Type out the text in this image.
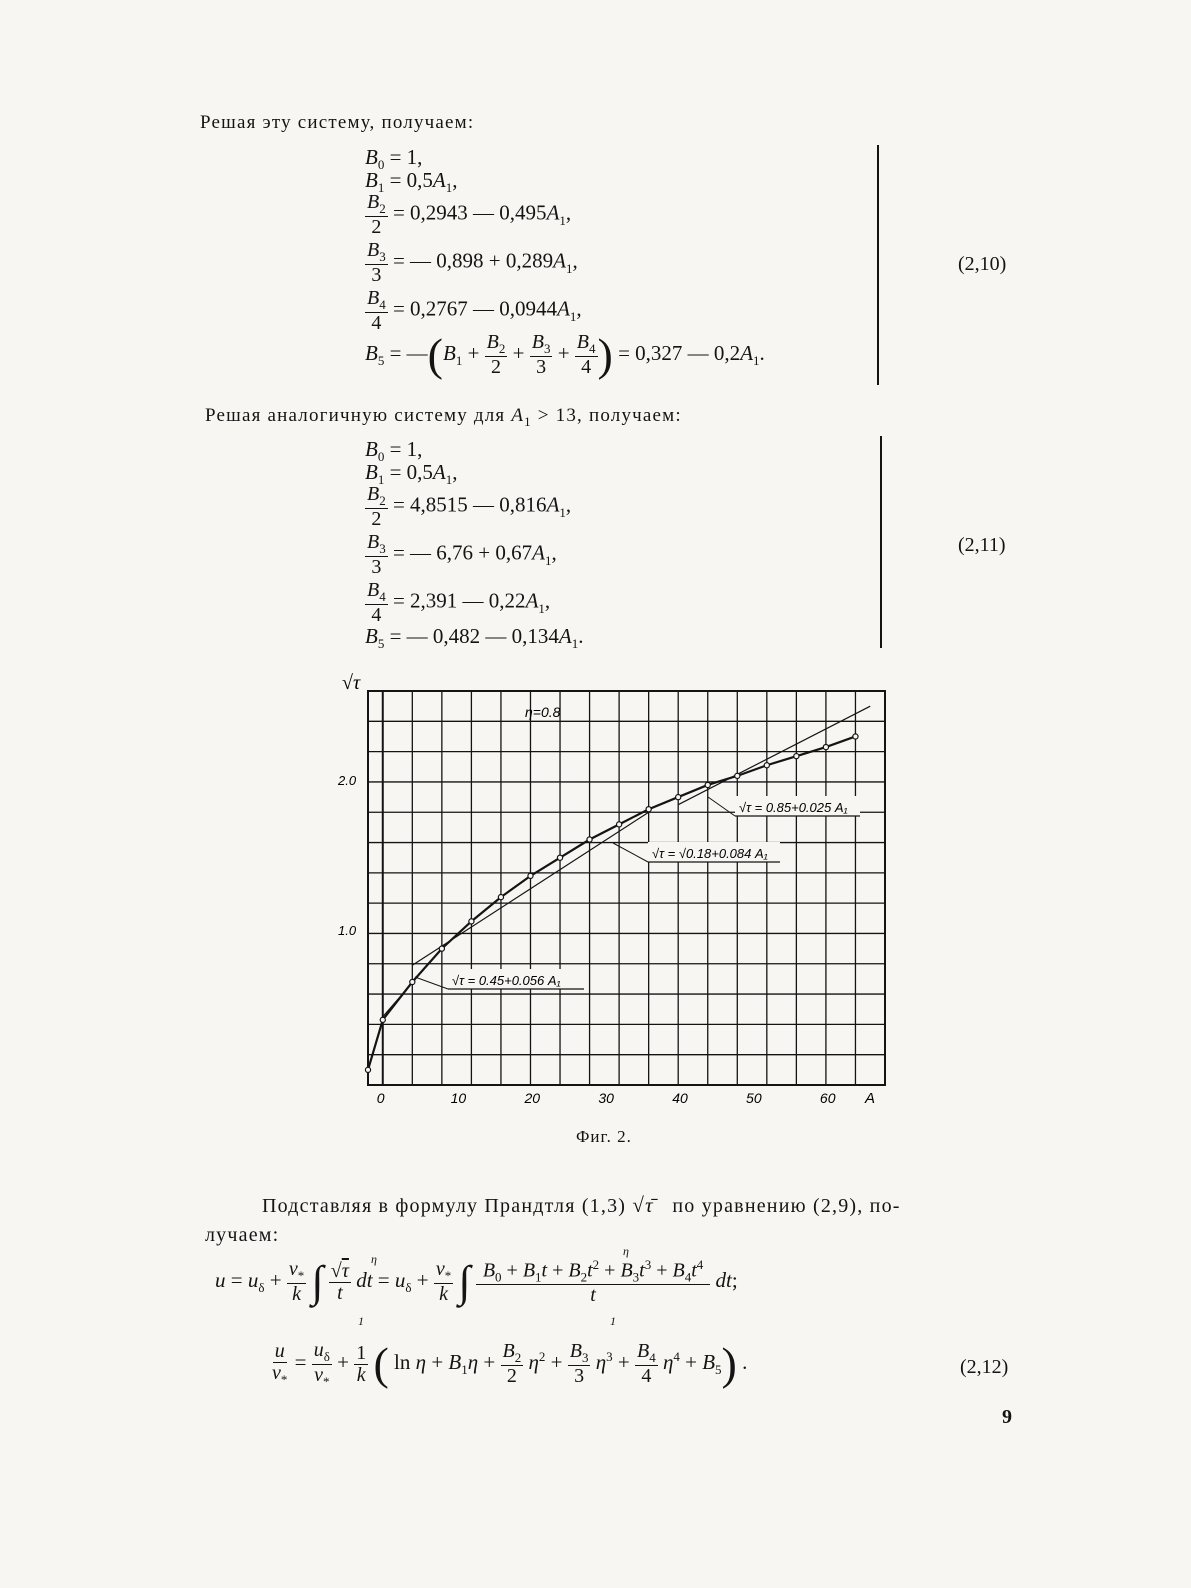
Решая эту систему, получаем:
$B_0 = 1$,
$B_1 = 0,5A_1$,
$\frac{B_2}{2} = 0,2943$ — $0,495A_1$,
$\frac{B_3}{3}$ = — $0,898 + 0,289A_1$,
$\frac{B_4}{4} = 0,2767$ — $0,0944A_1$,
$B_5$ = $—(B_1 + \frac{B_2}{2} + \frac{B_3}{3} + \frac{B_4}{4}$ ) = 0,327 — $0,2A_1$.
(2,10)
Решая аналогичную систему для $A_1 > 13$, получаем:
$B_0 = 1$,
$B_1 = 0,5A_1$,
$\frac{B_2}{2} = 4,8515$ — $0,816A_1$,
$\frac{B_3}{3}$ = — $6,76 + 0,67A_1$,
$\frac{B_4}{4} = 2,391$ — $0,22A_1$,
$B_5$ = — 0,482 — $0,134A_1$.
(2,11)
√τ
η=0.8
2.0
1.0
0	10	20	30	40	50	60 A
√τ = 0.45+0.056 A₁
√τ = √0.18+0.084 A₁
√τ = 0.85+0.025 A₁
Фиг. 2.
Подставляя в формулу Прандтля (1,3) √τ̄ по уравнению (2,9), по-
лучаем:
$u = u_\delta + \frac{v_*}{k}$ ∫ $\frac{√\tau}{t}$ dt = $u_\delta + \frac{v_*}{k}$ ∫ $\frac{B_0 + B_1t + B_2t^2 + B_3t^3 + B_4t^4}{t}$ dt;
η
1
η
1
$\frac{u}{v_*} = \frac{u_\delta}{v_*} + \frac{1}{k}$ ( $\ln \eta + B_1\eta + \frac{B_2}{2} \eta^2 + \frac{B_3}{3} \eta^3 + \frac{B_4}{4} \eta^4 + B_5$) .	(2,12)
9
